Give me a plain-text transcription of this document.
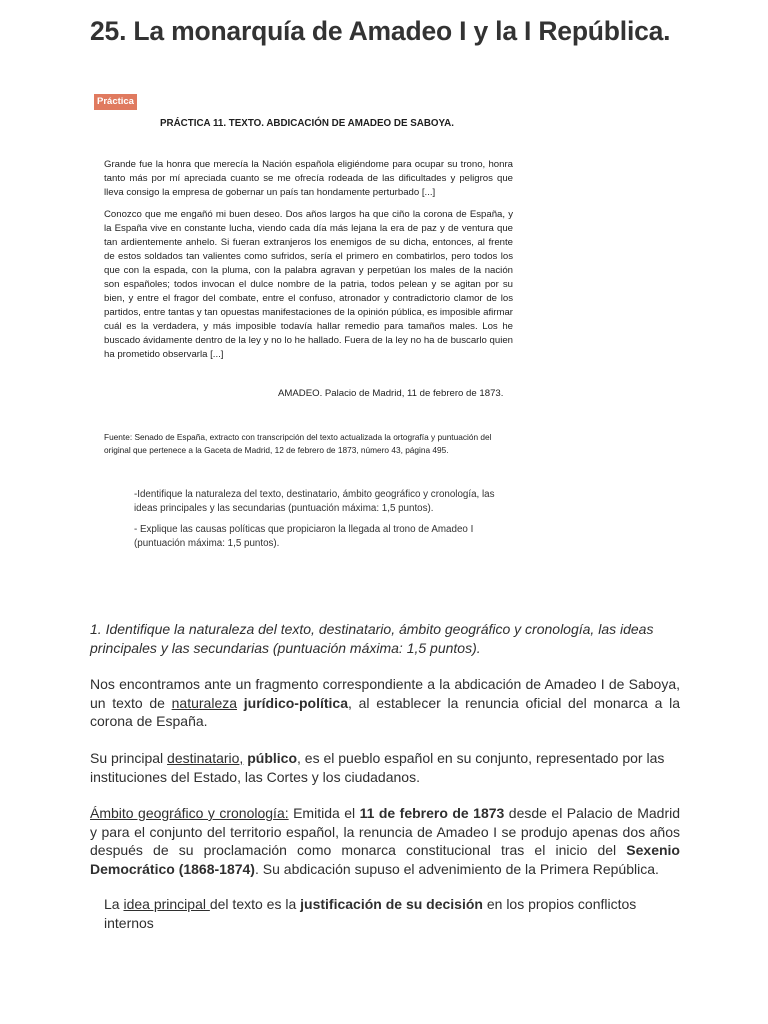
25. La monarquía de Amadeo I y la I República.
Práctica

PRÁCTICA 11. TEXTO. ABDICACIÓN DE AMADEO DE SABOYA.

Grande fue la honra que merecía la Nación española eligiéndome para ocupar su trono, honra tanto más por mí apreciada cuanto se me ofrecía rodeada de las dificultades y peligros que lleva consigo la empresa de gobernar un país tan hondamente perturbado [...]

Conozco que me engañó mi buen deseo. Dos años largos ha que ciño la corona de España, y la España vive en constante lucha, viendo cada día más lejana la era de paz y de ventura que tan ardientemente anhelo. Si fueran extranjeros los enemigos de su dicha, entonces, al frente de estos soldados tan valientes como sufridos, sería el primero en combatirlos, pero todos los que con la espada, con la pluma, con la palabra agravan y perpetúan los males de la nación son españoles; todos invocan el dulce nombre de la patria, todos pelean y se agitan por su bien, y entre el fragor del combate, entre el confuso, atronador y contradictorio clamor de los partidos, entre tantas y tan opuestas manifestaciones de la opinión pública, es imposible afirmar cuál es la verdadera, y más imposible todavía hallar remedio para tamaños males. Los he buscado ávidamente dentro de la ley y no lo he hallado. Fuera de la ley no ha de buscarlo quien ha prometido observarla [...]

AMADEO. Palacio de Madrid, 11 de febrero de 1873.
Fuente: Senado de España, extracto con transcripción del texto actualizada la ortografía y puntuación del original que pertenece a la Gaceta de Madrid, 12 de febrero de 1873, número 43, página 495.
-Identifique la naturaleza del texto, destinatario, ámbito geográfico y cronología, las ideas principales y las secundarias (puntuación máxima: 1,5 puntos).
- Explique las causas políticas que propiciaron la llegada al trono de Amadeo I (puntuación máxima: 1,5 puntos).

1. Identifique la naturaleza del texto, destinatario, ámbito geográfico y cronología, las ideas principales y las secundarias (puntuación máxima: 1,5 puntos).

Nos encontramos ante un fragmento correspondiente a la abdicación de Amadeo I de Saboya, un texto de naturaleza jurídico-política, al establecer la renuncia oficial del monarca a la corona de España.

Su principal destinatario, público, es el pueblo español en su conjunto, representado por las instituciones del Estado, las Cortes y los ciudadanos.

Ámbito geográfico y cronología: Emitida el 11 de febrero de 1873 desde el Palacio de Madrid y para el conjunto del territorio español, la renuncia de Amadeo I se produjo apenas dos años después de su proclamación como monarca constitucional tras el inicio del Sexenio Democrático (1868-1874). Su abdicación supuso el advenimiento de la Primera República.

La idea principal del texto es la justificación de su decisión en los propios conflictos internos
